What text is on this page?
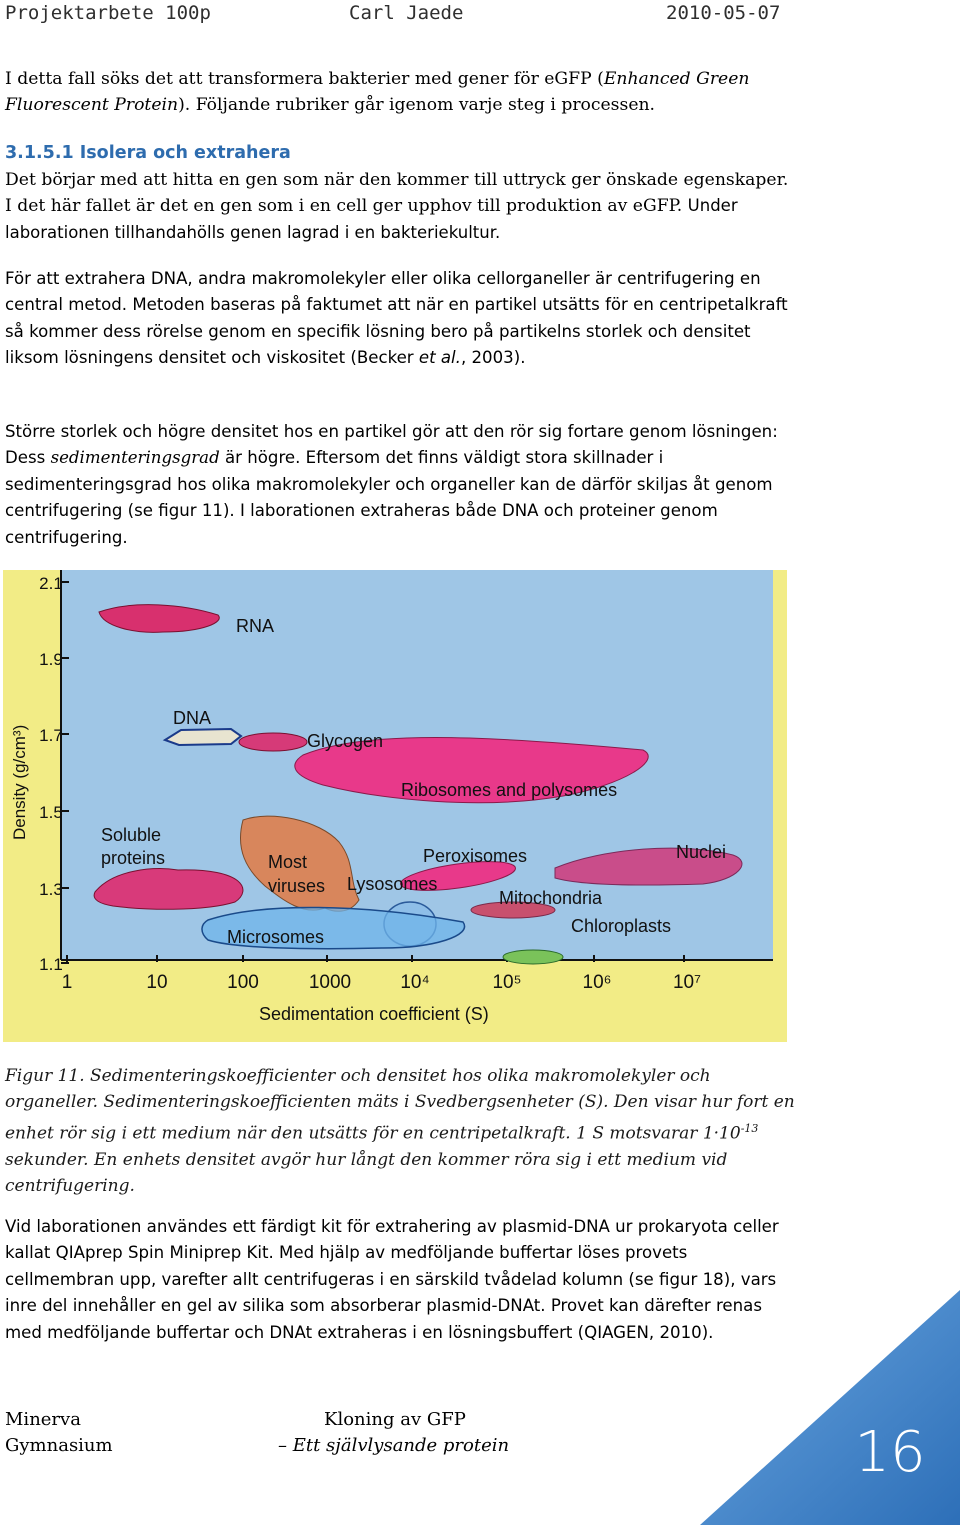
Projektarbete 100p	Carl Jaede	2010-05-07

I detta fall söks det att transformera bakterier med gener för eGFP (Enhanced Green Fluorescent Protein). Följande rubriker går igenom varje steg i processen.

3.1.5.1 Isolera och extrahera

Det börjar med att hitta en gen som när den kommer till uttryck ger önskade egenskaper. I det här fallet är det en gen som i en cell ger upphov till produktion av eGFP. Under laborationen tillhandahölls genen lagrad i en bakteriekultur.

För att extrahera DNA, andra makromolekyler eller olika cellorganeller är centrifugering en central metod. Metoden baseras på faktumet att när en partikel utsätts för en centripetalkraft så kommer dess rörelse genom en specifik lösning bero på partikelns storlek och densitet liksom lösningens densitet och viskositet (Becker et al., 2003).

Större storlek och högre densitet hos en partikel gör att den rör sig fortare genom lösningen: Dess sedimenteringsgrad är högre. Eftersom det finns väldigt stora skillnader i sedimenteringsgrad hos olika makromolekyler och organeller kan de därför skiljas åt genom centrifugering (se figur 11). I laborationen extraheras både DNA och proteiner genom centrifugering.

2.1
1.9
1.7
1.5
1.3
1.1
1	10	100	1000	10⁴	10⁵	10⁶	10⁷
Sedimentation coefficient (S)
Density (g/cm³)
RNA
DNA
Glycogen
Ribosomes and polysomes
Soluble
proteins	Most
viruses
Peroxisomes	Nuclei
Lysosomes
Mitochondria
Chloroplasts
Microsomes

Figur 11. Sedimenteringskoefficienter och densitet hos olika makromolekyler och organeller. Sedimenteringskoefficienten mäts i Svedbergsenheter (S). Den visar hur fort en enhet rör sig i ett medium när den utsätts för en centripetalkraft. 1 S motsvarar $1\cdot 10^{-13}$ sekunder. En enhets densitet avgör hur långt den kommer röra sig i ett medium vid centrifugering.

Vid laborationen användes ett färdigt kit för extrahering av plasmid-DNA ur prokaryota celler kallat QIAprep Spin Miniprep Kit. Med hjälp av medföljande buffertar löses provets cellmembran upp, varefter allt centrifugeras i en särskild tvådelad kolumn (se figur 18), vars inre del innehåller en gel av silika som absorberar plasmid-DNAt. Provet kan därefter renas med medföljande buffertar och DNAt extraheras i en lösningsbuffert (QIAGEN, 2010).

Minerva
Gymnasium
Kloning av GFP
– Ett självlysande protein	16
